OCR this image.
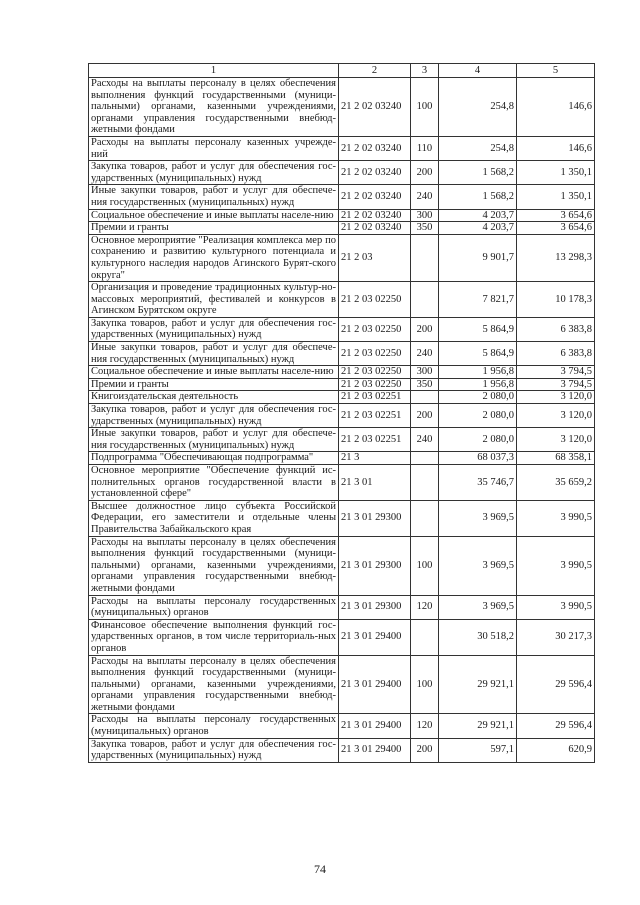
1	2	3	4	5
Расходы на выплаты персоналу в целях обеспечения выполнения функций государственными (муници-пальными) органами, казенными учреждениями, органами управления государственными внебюд-жетными фондами	21 2 02 03240	100	254,8	146,6
Расходы на выплаты персоналу казенных учрежде-ний	21 2 02 03240	110	254,8	146,6
Закупка товаров, работ и услуг для обеспечения гос-ударственных (муниципальных) нужд	21 2 02 03240	200	1 568,2	1 350,1
Иные закупки товаров, работ и услуг для обеспече-ния государственных (муниципальных) нужд	21 2 02 03240	240	1 568,2	1 350,1
Социальное обеспечение и иные выплаты населе-нию	21 2 02 03240	300	4 203,7	3 654,6
Премии и гранты	21 2 02 03240	350	4 203,7	3 654,6
Основное мероприятие "Реализация комплекса мер по сохранению и развитию культурного потенциала и культурного наследия народов Агинского Бурят-ского округа"	21 2 03		9 901,7	13 298,3
Организация и проведение традиционных культур-но-массовых мероприятий, фестивалей и конкурсов в Агинском Бурятском округе	21 2 03 02250		7 821,7	10 178,3
Закупка товаров, работ и услуг для обеспечения гос-ударственных (муниципальных) нужд	21 2 03 02250	200	5 864,9	6 383,8
Иные закупки товаров, работ и услуг для обеспече-ния государственных (муниципальных) нужд	21 2 03 02250	240	5 864,9	6 383,8
Социальное обеспечение и иные выплаты населе-нию	21 2 03 02250	300	1 956,8	3 794,5
Премии и гранты	21 2 03 02250	350	1 956,8	3 794,5
Книгоиздательская деятельность	21 2 03 02251		2 080,0	3 120,0
Закупка товаров, работ и услуг для обеспечения гос-ударственных (муниципальных) нужд	21 2 03 02251	200	2 080,0	3 120,0
Иные закупки товаров, работ и услуг для обеспече-ния государственных (муниципальных) нужд	21 2 03 02251	240	2 080,0	3 120,0
Подпрограмма "Обеспечивающая подпрограмма"	21 3		68 037,3	68 358,1
Основное мероприятие "Обеспечение функций ис-полнительных органов государственной власти в установленной сфере"	21 3 01		35 746,7	35 659,2
Высшее должностное лицо субъекта Российской Федерации, его заместители и отдельные члены Правительства Забайкальского края	21 3 01 29300		3 969,5	3 990,5
Расходы на выплаты персоналу в целях обеспечения выполнения функций государственными (муници-пальными) органами, казенными учреждениями, органами управления государственными внебюд-жетными фондами	21 3 01 29300	100	3 969,5	3 990,5
Расходы на выплаты персоналу государственных (муниципальных) органов	21 3 01 29300	120	3 969,5	3 990,5
Финансовое обеспечение выполнения функций гос-ударственных органов, в том числе территориаль-ных органов	21 3 01 29400		30 518,2	30 217,3
Расходы на выплаты персоналу в целях обеспечения выполнения функций государственными (муници-пальными) органами, казенными учреждениями, органами управления государственными внебюд-жетными фондами	21 3 01 29400	100	29 921,1	29 596,4
Расходы на выплаты персоналу государственных (муниципальных) органов	21 3 01 29400	120	29 921,1	29 596,4
Закупка товаров, работ и услуг для обеспечения гос-ударственных (муниципальных) нужд	21 3 01 29400	200	597,1	620,9
74
